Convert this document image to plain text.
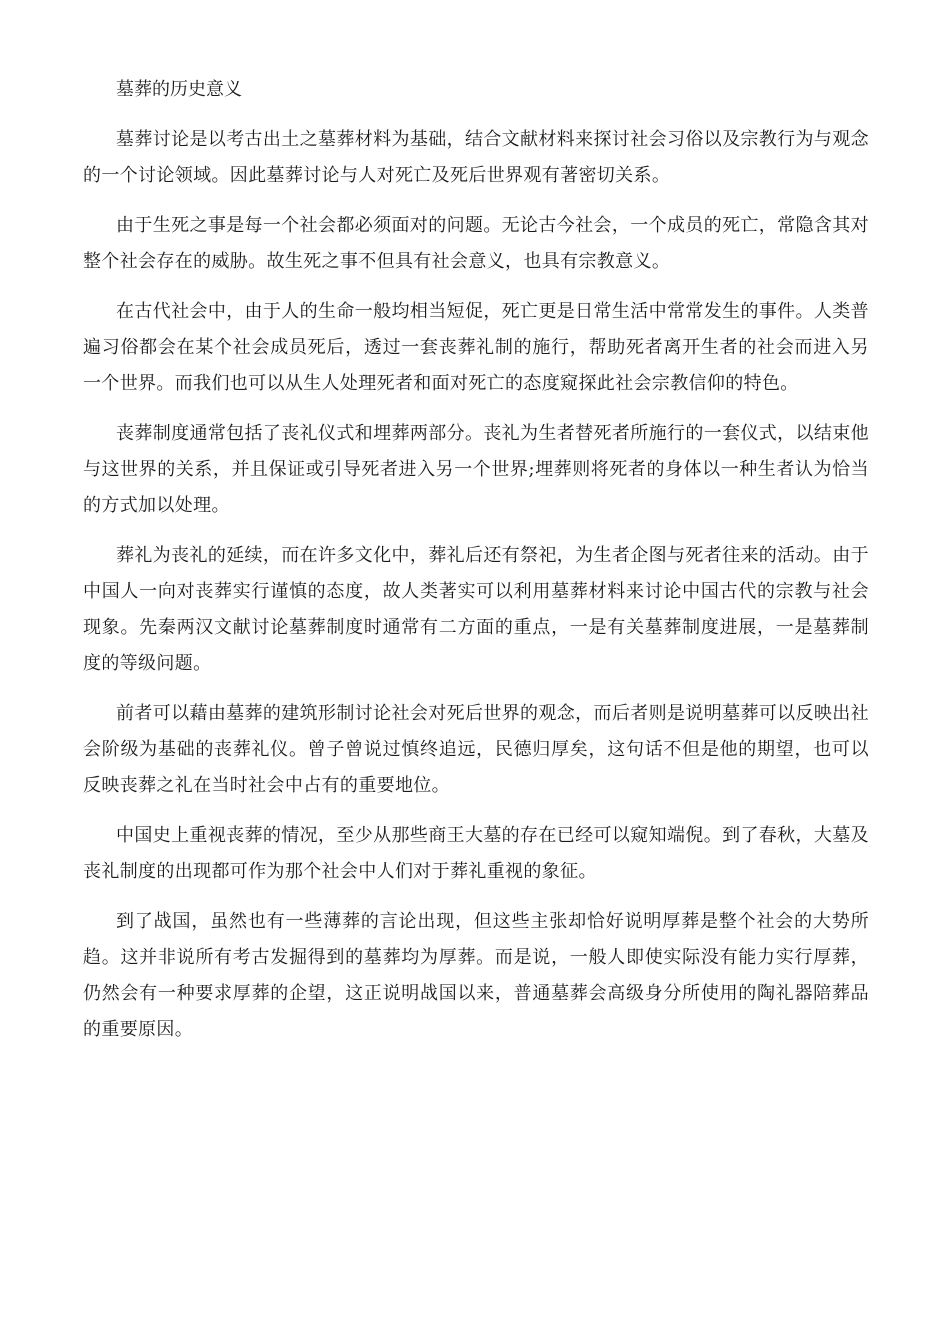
墓葬的历史意义

墓葬讨论是以考古出土之墓葬材料为基础，结合文献材料来探讨社会习俗以及宗教行为与观念的一个讨论领域。因此墓葬讨论与人对死亡及死后世界观有著密切关系。

由于生死之事是每一个社会都必须面对的问题。无论古今社会，一个成员的死亡，常隐含其对整个社会存在的威胁。故生死之事不但具有社会意义，也具有宗教意义。

在古代社会中，由于人的生命一般均相当短促，死亡更是日常生活中常常发生的事件。人类普遍习俗都会在某个社会成员死后，透过一套丧葬礼制的施行，帮助死者离开生者的社会而进入另一个世界。而我们也可以从生人处理死者和面对死亡的态度窥探此社会宗教信仰的特色。

丧葬制度通常包括了丧礼仪式和埋葬两部分。丧礼为生者替死者所施行的一套仪式，以结束他与这世界的关系，并且保证或引导死者进入另一个世界;埋葬则将死者的身体以一种生者认为恰当的方式加以处理。

葬礼为丧礼的延续，而在许多文化中，葬礼后还有祭祀，为生者企图与死者往来的活动。由于中国人一向对丧葬实行谨慎的态度，故人类著实可以利用墓葬材料来讨论中国古代的宗教与社会现象。先秦两汉文献讨论墓葬制度时通常有二方面的重点，一是有关墓葬制度进展，一是墓葬制度的等级问题。

前者可以藉由墓葬的建筑形制讨论社会对死后世界的观念，而后者则是说明墓葬可以反映出社会阶级为基础的丧葬礼仪。曾子曾说过慎终追远，民德归厚矣，这句话不但是他的期望，也可以反映丧葬之礼在当时社会中占有的重要地位。

中国史上重视丧葬的情况，至少从那些商王大墓的存在已经可以窥知端倪。到了春秋，大墓及丧礼制度的出现都可作为那个社会中人们对于葬礼重视的象征。

到了战国，虽然也有一些薄葬的言论出现，但这些主张却恰好说明厚葬是整个社会的大势所趋。这并非说所有考古发掘得到的墓葬均为厚葬。而是说，一般人即使实际没有能力实行厚葬，仍然会有一种要求厚葬的企望，这正说明战国以来，普通墓葬会高级身分所使用的陶礼器陪葬品的重要原因。
